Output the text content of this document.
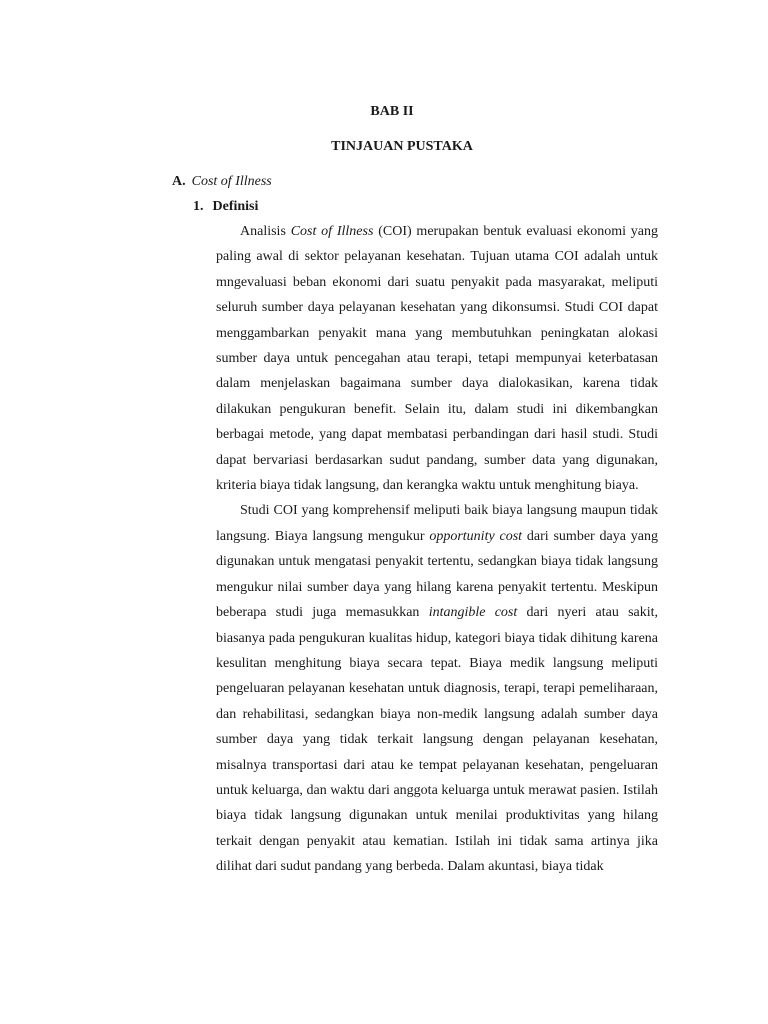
BAB II
TINJAUAN PUSTAKA
A. Cost of Illness
1. Definisi

Analisis Cost of Illness (COI) merupakan bentuk evaluasi ekonomi yang paling awal di sektor pelayanan kesehatan. Tujuan utama COI adalah untuk mngevaluasi beban ekonomi dari suatu penyakit pada masyarakat, meliputi seluruh sumber daya pelayanan kesehatan yang dikonsumsi. Studi COI dapat menggambarkan penyakit mana yang membutuhkan peningkatan alokasi sumber daya untuk pencegahan atau terapi, tetapi mempunyai keterbatasan dalam menjelaskan bagaimana sumber daya dialokasikan, karena tidak dilakukan pengukuran benefit. Selain itu, dalam studi ini dikembangkan berbagai metode, yang dapat membatasi perbandingan dari hasil studi. Studi dapat bervariasi berdasarkan sudut pandang, sumber data yang digunakan, kriteria biaya tidak langsung, dan kerangka waktu untuk menghitung biaya.

Studi COI yang komprehensif meliputi baik biaya langsung maupun tidak langsung. Biaya langsung mengukur opportunity cost dari sumber daya yang digunakan untuk mengatasi penyakit tertentu, sedangkan biaya tidak langsung mengukur nilai sumber daya yang hilang karena penyakit tertentu. Meskipun beberapa studi juga memasukkan intangible cost dari nyeri atau sakit, biasanya pada pengukuran kualitas hidup, kategori biaya tidak dihitung karena kesulitan menghitung biaya secara tepat. Biaya medik langsung meliputi pengeluaran pelayanan kesehatan untuk diagnosis, terapi, terapi pemeliharaan, dan rehabilitasi, sedangkan biaya non-medik langsung adalah sumber daya sumber daya yang tidak terkait langsung dengan pelayanan kesehatan, misalnya transportasi dari atau ke tempat pelayanan kesehatan, pengeluaran untuk keluarga, dan waktu dari anggota keluarga untuk merawat pasien. Istilah biaya tidak langsung digunakan untuk menilai produktivitas yang hilang terkait dengan penyakit atau kematian. Istilah ini tidak sama artinya jika dilihat dari sudut pandang yang berbeda. Dalam akuntasi, biaya tidak
